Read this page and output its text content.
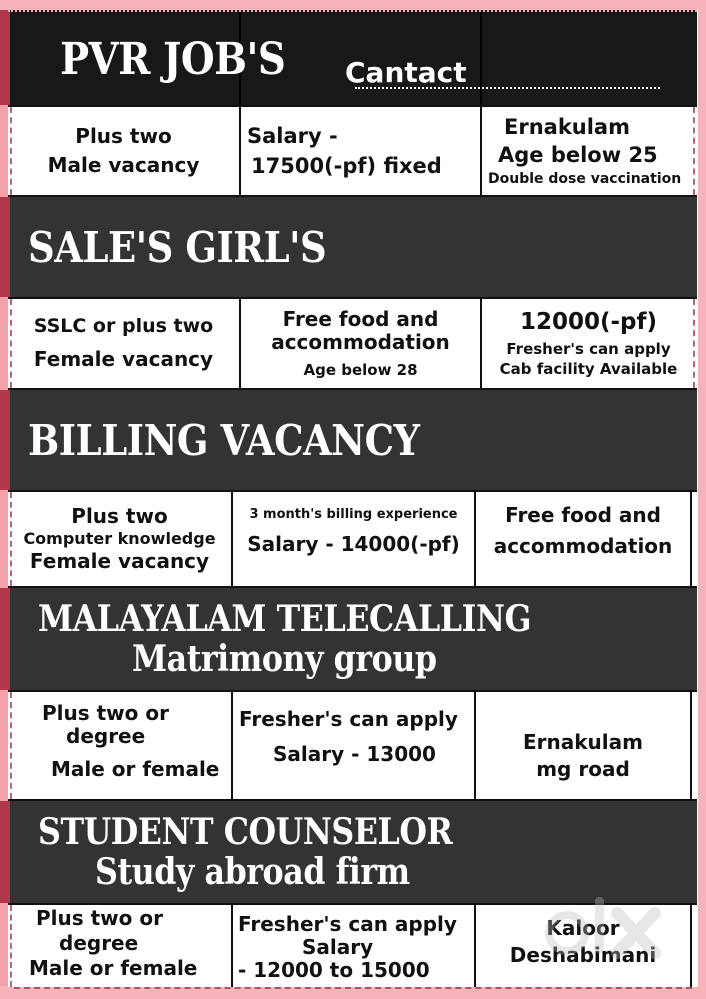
PVR JOB'S Cantact
Plus two
Male vacancy
Salary -
17500(-pf) fixed
Ernakulam
Age below 25
Double dose vaccination
SALE'S GIRL'S
SSLC or plus two
Female vacancy
Free food and
accommodation
Age below 28
12000(-pf)
Fresher's can apply
Cab facility Available
BILLING VACANCY
Plus two
Computer knowledge
Female vacancy
3 month's billing experience
Salary - 14000(-pf)
Free food and
accommodation
MALAYALAM TELECALLING
Matrimony group
Plus two or
degree
Male or female
Fresher's can apply
Salary - 13000
Ernakulam
mg road
STUDENT COUNSELOR
Study abroad firm
Plus two or
degree
Male or female
Fresher's can apply
Salary
- 12000 to 15000
Kaloor
Deshabimani
